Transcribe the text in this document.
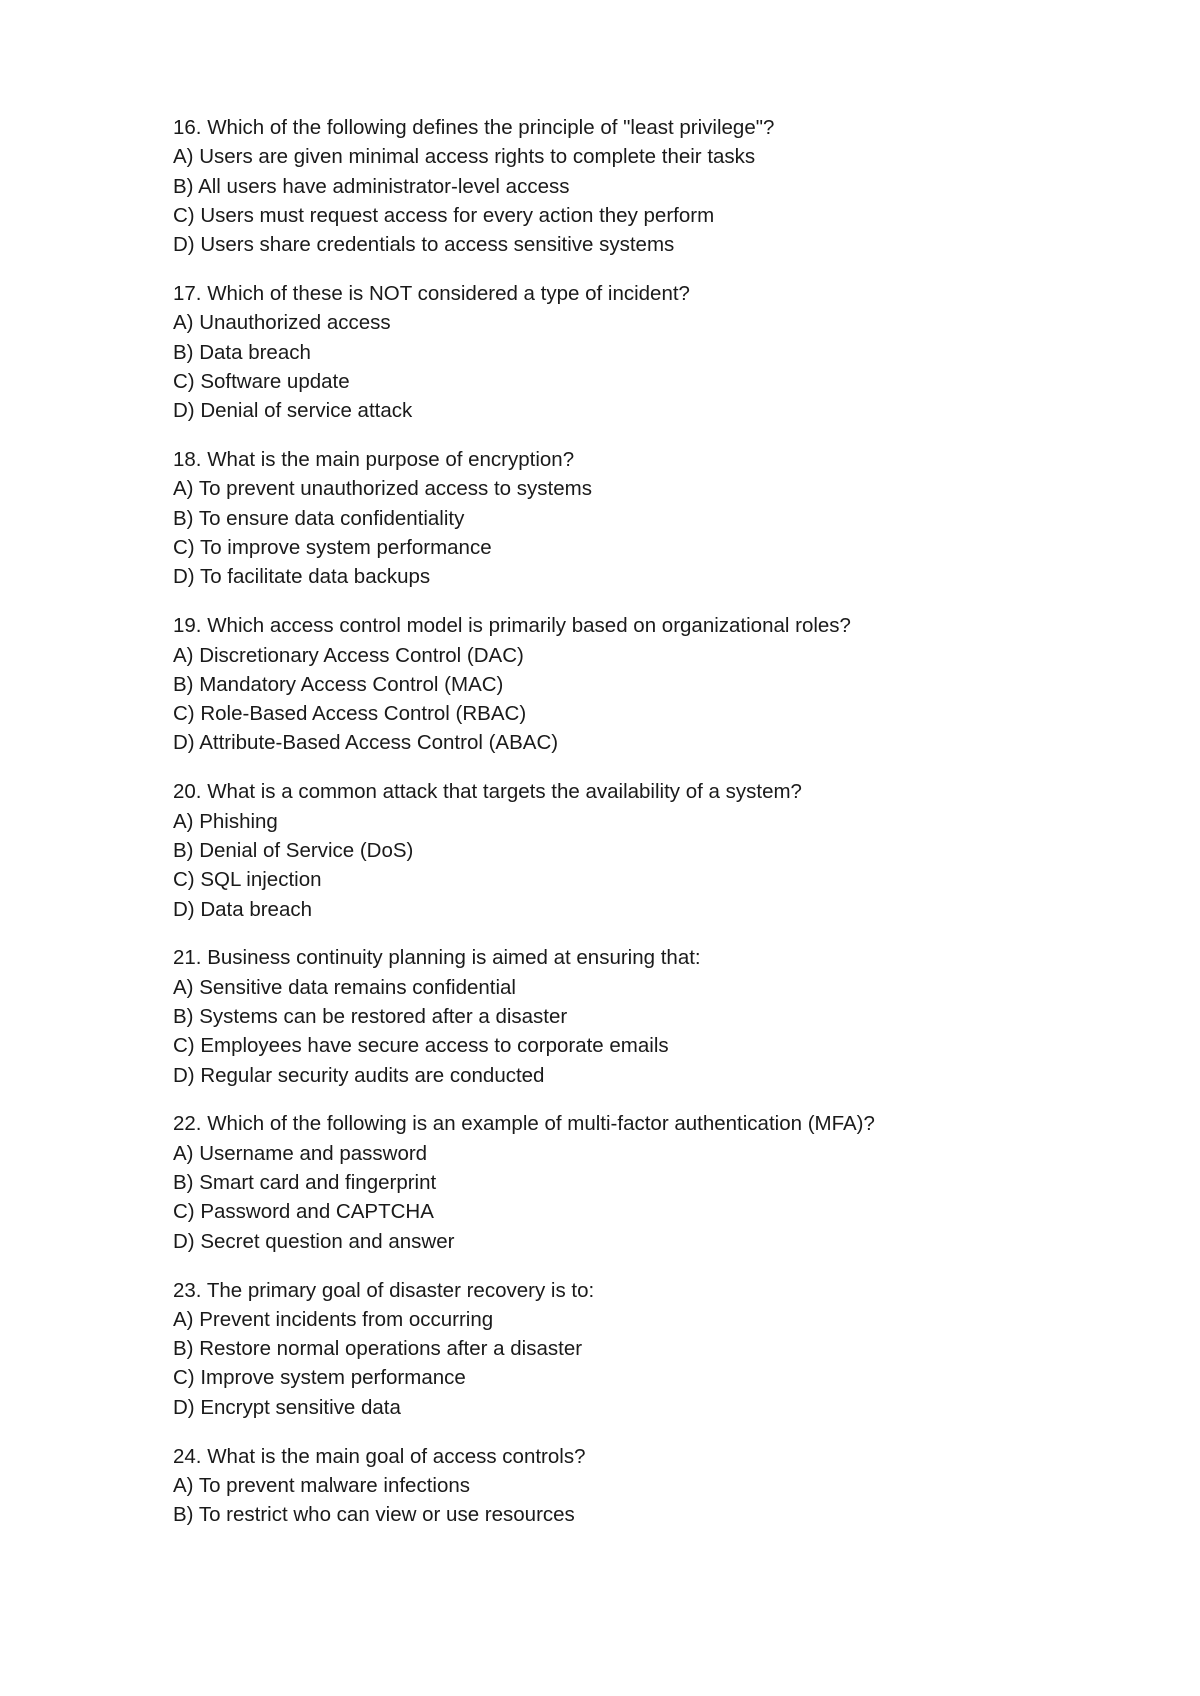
16. Which of the following defines the principle of "least privilege"?
A) Users are given minimal access rights to complete their tasks
B) All users have administrator-level access
C) Users must request access for every action they perform
D) Users share credentials to access sensitive systems
17. Which of these is NOT considered a type of incident?
A) Unauthorized access
B) Data breach
C) Software update
D) Denial of service attack
18. What is the main purpose of encryption?
A) To prevent unauthorized access to systems
B) To ensure data confidentiality
C) To improve system performance
D) To facilitate data backups
19. Which access control model is primarily based on organizational roles?
A) Discretionary Access Control (DAC)
B) Mandatory Access Control (MAC)
C) Role-Based Access Control (RBAC)
D) Attribute-Based Access Control (ABAC)
20. What is a common attack that targets the availability of a system?
A) Phishing
B) Denial of Service (DoS)
C) SQL injection
D) Data breach
21. Business continuity planning is aimed at ensuring that:
A) Sensitive data remains confidential
B) Systems can be restored after a disaster
C) Employees have secure access to corporate emails
D) Regular security audits are conducted
22. Which of the following is an example of multi-factor authentication (MFA)?
A) Username and password
B) Smart card and fingerprint
C) Password and CAPTCHA
D) Secret question and answer
23. The primary goal of disaster recovery is to:
A) Prevent incidents from occurring
B) Restore normal operations after a disaster
C) Improve system performance
D) Encrypt sensitive data
24. What is the main goal of access controls?
A) To prevent malware infections
B) To restrict who can view or use resources
